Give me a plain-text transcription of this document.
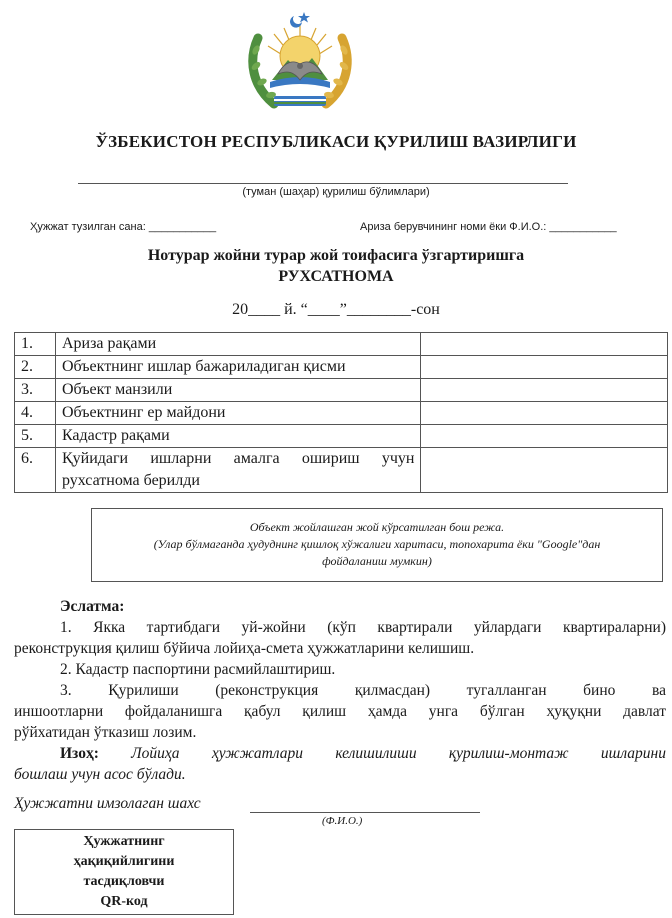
ЎЗБЕКИСТОН РЕСПУБЛИКАСИ ҚУРИЛИШ ВАЗИРЛИГИ
(туман (шаҳар) қурилиш бўлимлари)
Ҳужжат тузилган сана: ___________	Ариза берувчининг номи ёки Ф.И.О.: ___________
Нотурар жойни турар жой тоифасига ўзгартиришга
РУХСАТНОМА
20____ й. “____”________-сон
1.	Ариза рақами	
2.	Объектнинг ишлар бажариладиган қисми	
3.	Объект манзили	
4.	Объектнинг ер майдони	
5.	Кадастр рақами	
6.	Қуйидаги ишларни амалга ошириш учун
рухсатнома берилди	

Объект жойлашган жой кўрсатилган бош режа.
(Улар бўлмаганда ҳудуднинг қишлоқ хўжалиги харитаси, топохарита ёки "Google"дан
фойдаланиш мумкин)

Эслатма:

1. Якка тартибдаги уй-жойни (кўп квартирали уйлардаги квартираларни)

реконструкция қилиш бўйича лойиҳа-смета ҳужжатларини келишиш.

2. Кадастр паспортини расмийлаштириш.

3. Қурилиши (реконструкция қилмасдан) тугалланган бино ва

иншоотларни фойдаланишга қабул қилиш ҳамда унга бўлган ҳуқуқни давлат

рўйхатидан ўтказиш лозим.

Изоҳ: Лойиҳа ҳужжатлари келишилиши қурилиш-монтаж ишларини

бошлаш учун асос бўлади.

Ҳужжатни имзолаган шахс
(Ф.И.О.)
Ҳужжатнинг
ҳақиқийлигини
тасдиқловчи
QR-код
